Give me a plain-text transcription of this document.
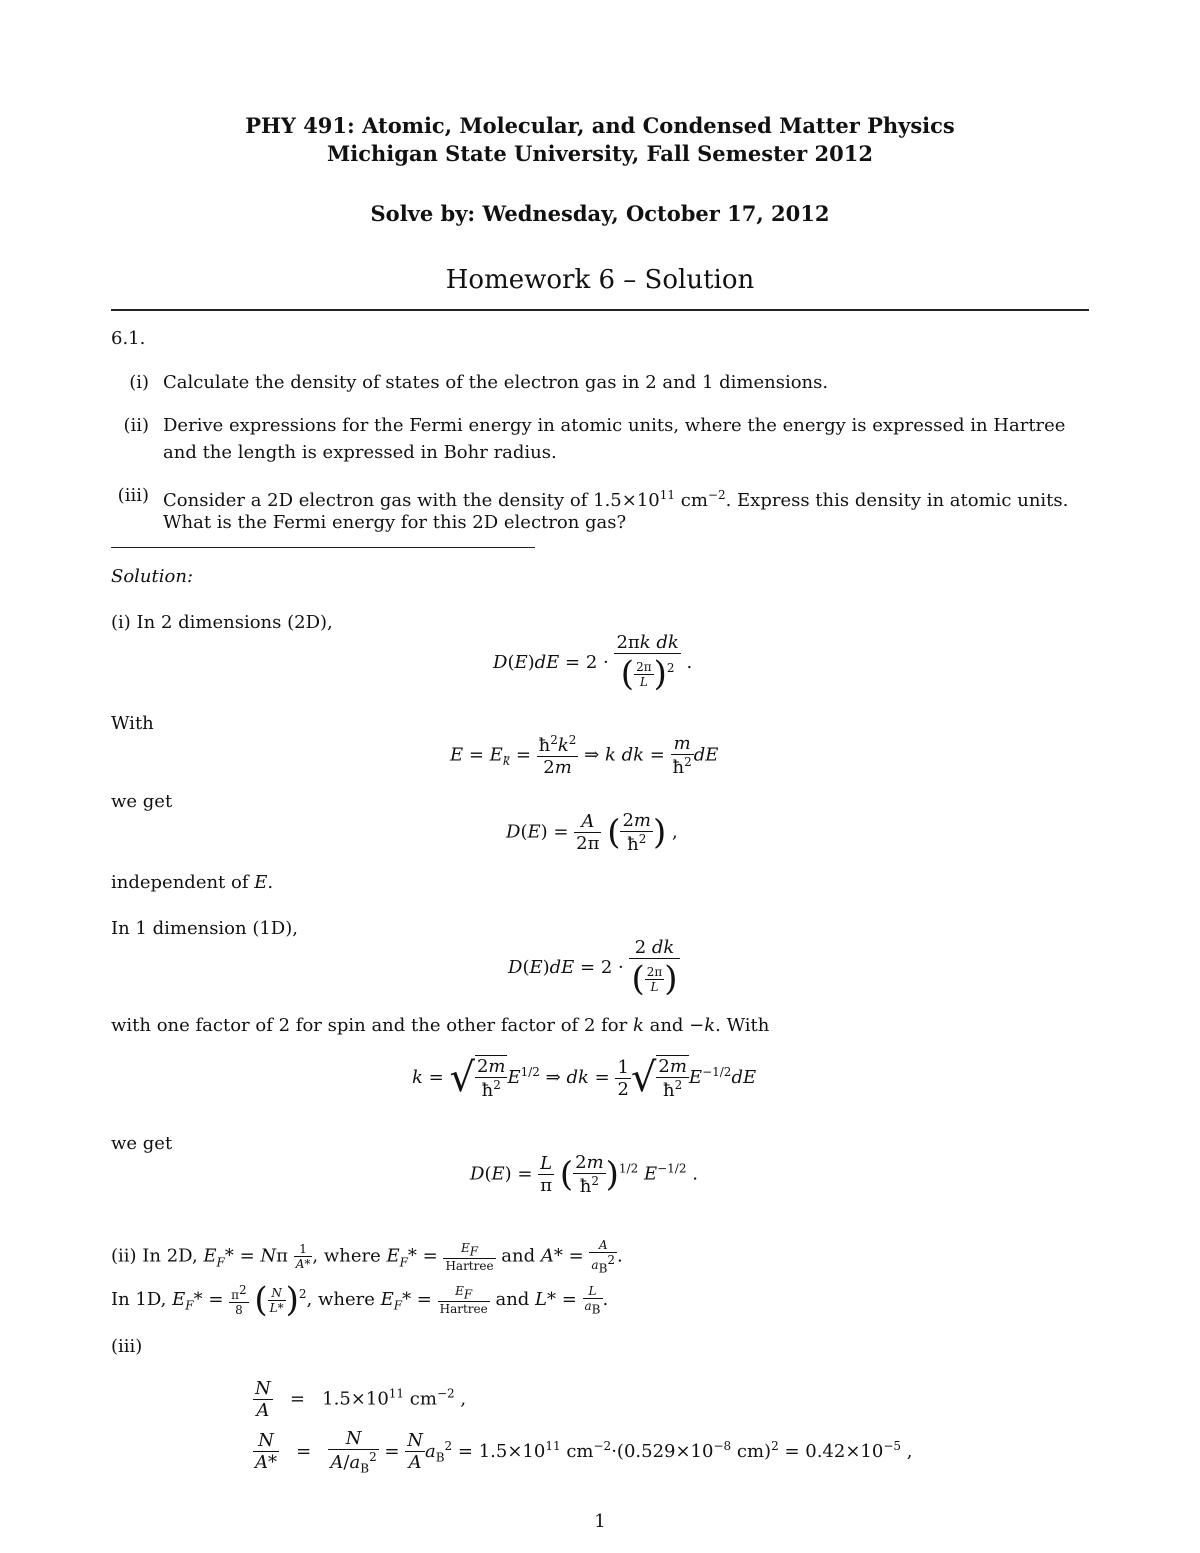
PHY 491: Atomic, Molecular, and Condensed Matter Physics
Michigan State University, Fall Semester 2012
Solve by: Wednesday, October 17, 2012
Homework 6 – Solution
6.1.
(i) Calculate the density of states of the electron gas in 2 and 1 dimensions.
(ii) Derive expressions for the Fermi energy in atomic units, where the energy is expressed in Hartree
and the length is expressed in Bohr radius.
(iii) Consider a 2D electron gas with the density of $1.5\times 10^{11}$ $cm^{-2}$. Express this density in atomic units.
What is the Fermi energy for this 2D electron gas?
Solution:
(i) In 2 dimensions (2D),
$D(E)dE = 2 \cdot \frac{\text{2πk dk}}{( \frac{2\pi}{L} )^2}$ .
With
$E = E_k = \frac{ħ^2k^2}{2m}$ ⇒ k dk = $\frac{m}{ħ^2}$ dE
we get
$D(E) = \frac{A}{2\pi}$ ( $\frac{2m}{ħ^2}$ ) ,
independent of E.
In 1 dimension (1D),
$D(E)dE = 2 \cdot \frac{2 dk}{( \frac{2\pi}{L} )}$
with one factor of 2 for spin and the other factor of 2 for k and −k. With
k = √ $\frac{2m}{ħ^2} E^{1/2}$ ⇒ dk = $\frac{1}{2}$ √ $\frac{2m}{ħ^2} E^{-1/2}dE$
we get
$D(E) = \frac{L}{\pi}$ ( $\frac{2m}{ħ^2} )^{1/2}$ $E^{-1/2}$ .
(ii) In 2D, $E_F* = N\pi \frac{1}{A*}$ , where $E_F* = \frac{E_F}{\text{Hartree}}$ and $A* = \frac{A}{a_B^2}$ .
In 1D, $E_F* = \frac{\pi^2}{8}$ ( $\frac{N}{L*} )^2$, where $E_F* = \frac{E_F}{\text{Hartree}}$ and $L* = \frac{L}{a_B}$ .
(iii)
$\frac{N}{A} = 1.5\times 10^{11}$ $cm^{-2}$ ,
$\frac{N}{A*} = \frac{N}{A/a_B^2} = \frac{N}{A} a_B^2 = 1.5\times 10^{11}$ $cm^{-2}\cdot(0.529\times 10^{-8}$ $cm)^2 = 0.42\times 10^{-5}$ ,
1
